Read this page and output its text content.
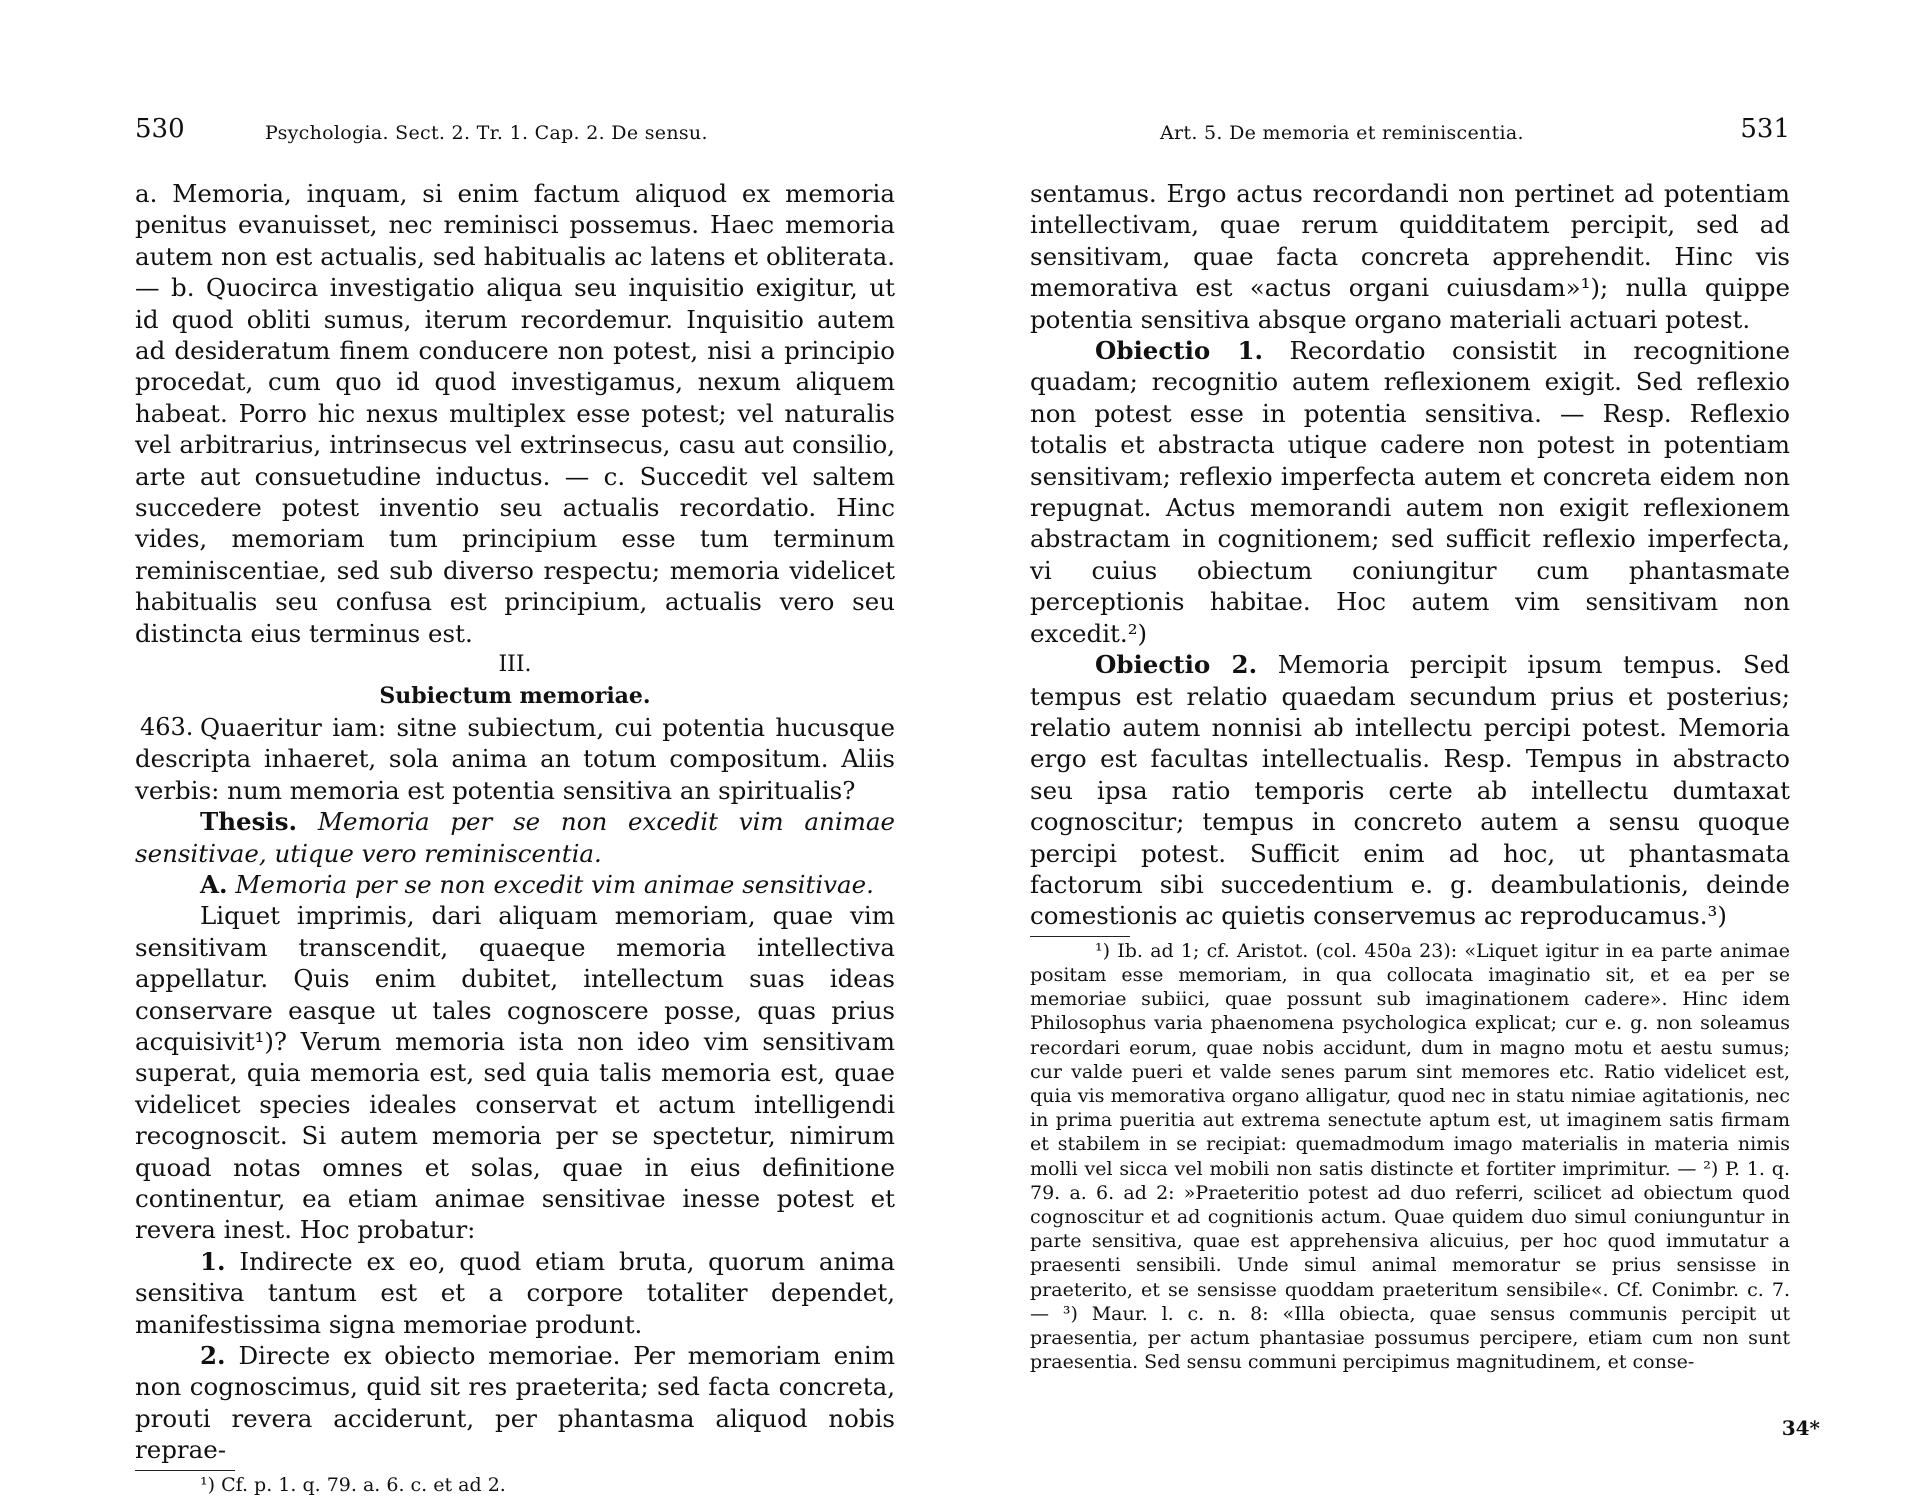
530	Psychologia. Sect. 2. Tr. 1. Cap. 2. De sensu.

a. Memoria, inquam, si enim factum aliquod ex memoria penitus evanuisset, nec reminisci possemus. Haec memoria autem non est actualis, sed habitualis ac latens et obliterata. — b. Quocirca investigatio aliqua seu inquisitio exigitur, ut id quod obliti sumus, iterum recordemur. Inquisitio autem ad desideratum finem conducere non potest, nisi a principio procedat, cum quo id quod investigamus, nexum aliquem habeat. Porro hic nexus multiplex esse potest; vel naturalis vel arbitrarius, intrinsecus vel extrinsecus, casu aut consilio, arte aut consuetudine inductus. — c. Succedit vel saltem succedere potest inventio seu actualis recordatio. Hinc vides, memoriam tum principium esse tum terminum reminiscentiae, sed sub diverso respectu; memoria videlicet habitualis seu confusa est principium, actualis vero seu distincta eius terminus est.

III.

Subiectum memoriae.

463. Quaeritur iam: sitne subiectum, cui potentia hucusque descripta inhaeret, sola anima an totum compositum. Aliis verbis: num memoria est potentia sensitiva an spiritualis?

Thesis. Memoria per se non excedit vim animae sensitivae, utique vero reminiscentia.

A. Memoria per se non excedit vim animae sensitivae.

Liquet imprimis, dari aliquam memoriam, quae vim sensitivam transcendit, quaeque memoria intellectiva appellatur. Quis enim dubitet, intellectum suas ideas conservare easque ut tales cognoscere posse, quas prius acquisivit¹)? Verum memoria ista non ideo vim sensitivam superat, quia memoria est, sed quia talis memoria est, quae videlicet species ideales conservat et actum intelligendi recognoscit. Si autem memoria per se spectetur, nimirum quoad notas omnes et solas, quae in eius definitione continentur, ea etiam animae sensitivae inesse potest et revera inest. Hoc probatur:

1. Indirecte ex eo, quod etiam bruta, quorum anima sensitiva tantum est et a corpore totaliter dependet, manifestissima signa memoriae produnt.

2. Directe ex obiecto memoriae. Per memoriam enim non cognoscimus, quid sit res praeterita; sed facta concreta, prouti revera acciderunt, per phantasma aliquod nobis reprae-

¹) Cf. p. 1. q. 79. a. 6. c. et ad 2.

Art. 5. De memoria et reminiscentia.	531

sentamus. Ergo actus recordandi non pertinet ad potentiam intellectivam, quae rerum quidditatem percipit, sed ad sensitivam, quae facta concreta apprehendit. Hinc vis memorativa est «actus organi cuiusdam»¹); nulla quippe potentia sensitiva absque organo materiali actuari potest.

Obiectio 1. Recordatio consistit in recognitione quadam; recognitio autem reflexionem exigit. Sed reflexio non potest esse in potentia sensitiva. — Resp. Reflexio totalis et abstracta utique cadere non potest in potentiam sensitivam; reflexio imperfecta autem et concreta eidem non repugnat. Actus memorandi autem non exigit reflexionem abstractam in cognitionem; sed sufficit reflexio imperfecta, vi cuius obiectum coniungitur cum phantasmate perceptionis habitae. Hoc autem vim sensitivam non excedit.²)

Obiectio 2. Memoria percipit ipsum tempus. Sed tempus est relatio quaedam secundum prius et posterius; relatio autem nonnisi ab intellectu percipi potest. Memoria ergo est facultas intellectualis. Resp. Tempus in abstracto seu ipsa ratio temporis certe ab intellectu dumtaxat cognoscitur; tempus in concreto autem a sensu quoque percipi potest. Sufficit enim ad hoc, ut phantasmata factorum sibi succedentium e. g. deambulationis, deinde comestionis ac quietis conservemus ac reproducamus.³)

¹) Ib. ad 1; cf. Aristot. (col. 450a 23): «Liquet igitur in ea parte animae positam esse memoriam, in qua collocata imaginatio sit, et ea per se memoriae subiici, quae possunt sub imaginationem cadere». Hinc idem Philosophus varia phaenomena psychologica explicat; cur e. g. non soleamus recordari eorum, quae nobis accidunt, dum in magno motu et aestu sumus; cur valde pueri et valde senes parum sint memores etc. Ratio videlicet est, quia vis memorativa organo alligatur, quod nec in statu nimiae agitationis, nec in prima pueritia aut extrema senectute aptum est, ut imaginem satis firmam et stabilem in se recipiat: quemadmodum imago materialis in materia nimis molli vel sicca vel mobili non satis distincte et fortiter imprimitur. — ²) P. 1. q. 79. a. 6. ad 2: »Praeteritio potest ad duo referri, scilicet ad obiectum quod cognoscitur et ad cognitionis actum. Quae quidem duo simul coniunguntur in parte sensitiva, quae est apprehensiva alicuius, per hoc quod immutatur a praesenti sensibili. Unde simul animal memoratur se prius sensisse in praeterito, et se sensisse quoddam praeteritum sensibile«. Cf. Conimbr. c. 7. — ³) Maur. l. c. n. 8: «Illa obiecta, quae sensus communis percipit ut praesentia, per actum phantasiae possumus percipere, etiam cum non sunt praesentia. Sed sensu communi percipimus magnitudinem, et conse-

34*
